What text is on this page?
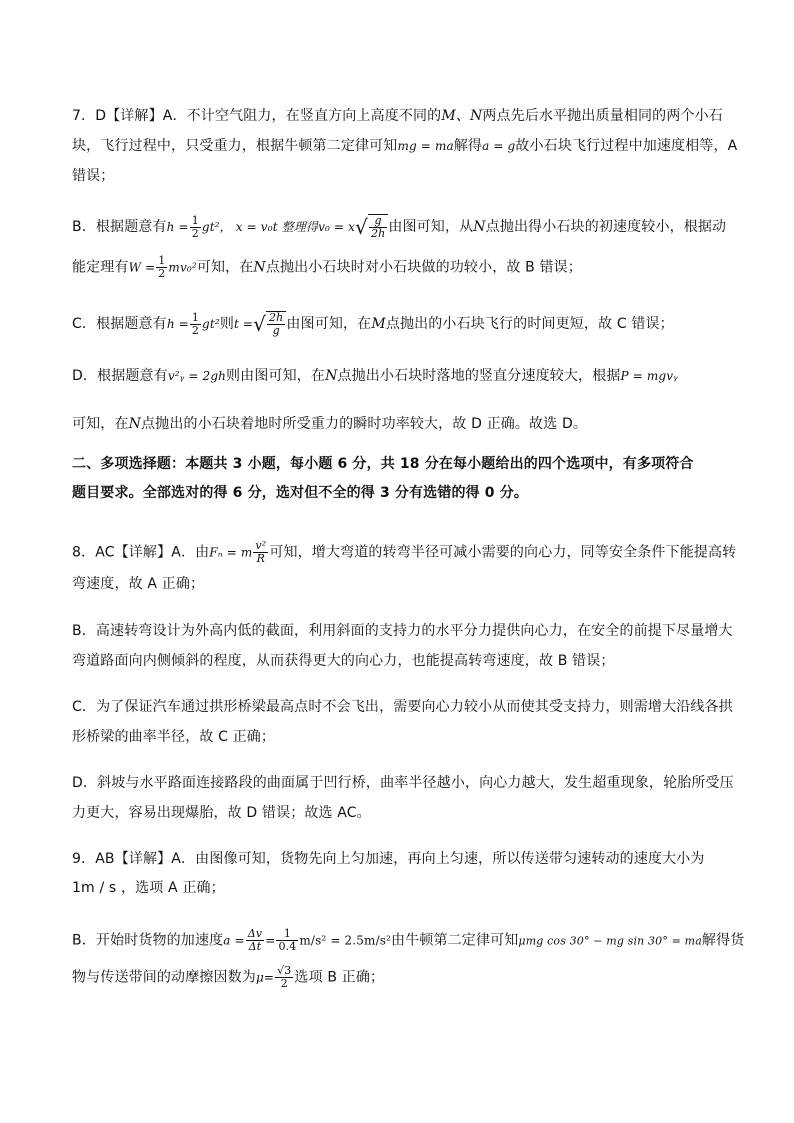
7．D【详解】A．不计空气阻力，在竖直方向上高度不同的M、N两点先后水平抛出质量相同的两个小石
块，飞行过程中，只受重力，根据牛顿第二定律可知mg = ma解得a = g故小石块飞行过程中加速度相等，A
错误；
B．根据题意有$h = \frac{1}{2} gt^2$， x = v₀t 整理得$v_0 = x√ \frac{g}{2h}$ 由图可知，从N点抛出得小石块的初速度较小，根据动
能定理有$W = \frac{1}{2} mv_0^2$可知，在N点抛出小石块时对小石块做的功较小，故 B 错误；
C．根据题意有$h = \frac{1}{2} gt^2$则t =√ $\frac{2h}{g}$ 由图可知，在M点抛出的小石块飞行的时间更短，故 C 错误；
D．根据题意有v²ᵧ = 2gh则由图可知，在N点抛出小石块时落地的竖直分速度较大，根据P = mgvᵧ
可知，在N点抛出的小石块着地时所受重力的瞬时功率较大，故 D 正确。故选 D。
二、多项选择题：本题共 3 小题，每小题 6 分，共 18 分在每小题给出的四个选项中，有多项符合
题目要求。全部选对的得 6 分，选对但不全的得 3 分有选错的得 0 分。
8．AC【详解】A．由Fₙ = m $\frac{\text{v²}}{R}$ 可知，增大弯道的转弯半径可减小需要的向心力，同等安全条件下能提高转
弯速度，故 A 正确；
B．高速转弯设计为外高内低的截面，利用斜面的支持力的水平分力提供向心力，在安全的前提下尽量增大
弯道路面向内侧倾斜的程度，从而获得更大的向心力，也能提高转弯速度，故 B 错误；
C．为了保证汽车通过拱形桥梁最高点时不会飞出，需要向心力较小从而使其受支持力，则需增大沿线各拱
形桥梁的曲率半径，故 C 正确；
D．斜坡与水平路面连接路段的曲面属于凹行桥，曲率半径越小，向心力越大，发生超重现象，轮胎所受压
力更大，容易出现爆胎，故 D 错误；故选 AC。
9．AB【详解】A．由图像可知，货物先向上匀加速，再向上匀速，所以传送带匀速转动的速度大小为
1m / s ，选项 A 正确；
B．开始时货物的加速度$a = \frac{\Delta v}{\Delta t} = \frac{1}{0.4} m/s^2 = 2.5m/s^2$由牛顿第二定律可知μmg cos 30° − mg sin 30° = ma解得货
物与传送带间的动摩擦因数为$\mu= \frac{√3}{2}$ 选项 B 正确；
